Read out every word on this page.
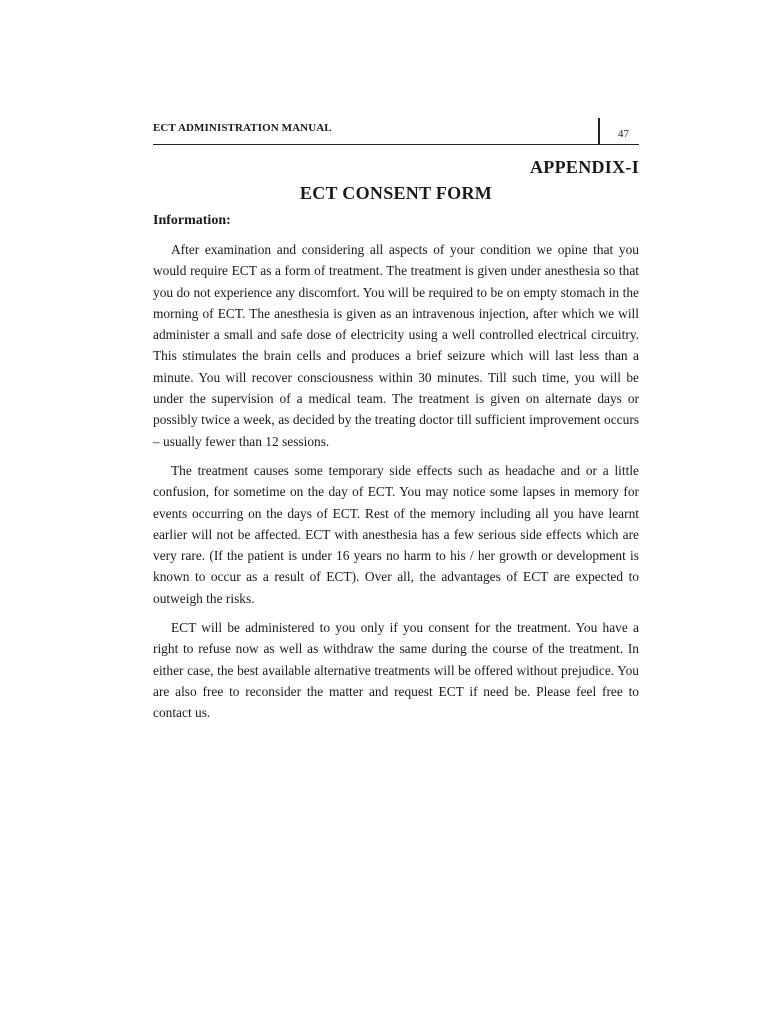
ECT ADMINISTRATION MANUAL	47
APPENDIX-I
ECT CONSENT FORM
Information:

After examination and considering all aspects of your condition we opine that you would require ECT as a form of treatment. The treatment is given under anesthesia so that you do not experience any discomfort. You will be required to be on empty stomach in the morning of ECT. The anesthesia is given as an intravenous injection, after which we will administer a small and safe dose of electricity using a well controlled electrical circuitry. This stimulates the brain cells and produces a brief seizure which will last less than a minute. You will recover consciousness within 30 minutes. Till such time, you will be under the supervision of a medical team. The treatment is given on alternate days or possibly twice a week, as decided by the treating doctor till sufficient improvement occurs – usually fewer than 12 sessions.

The treatment causes some temporary side effects such as headache and or a little confusion, for sometime on the day of ECT. You may notice some lapses in memory for events occurring on the days of ECT. Rest of the memory including all you have learnt earlier will not be affected. ECT with anesthesia has a few serious side effects which are very rare. (If the patient is under 16 years no harm to his / her growth or development is known to occur as a result of ECT). Over all, the advantages of ECT are expected to outweigh the risks.

ECT will be administered to you only if you consent for the treatment. You have a right to refuse now as well as withdraw the same during the course of the treatment. In either case, the best available alternative treatments will be offered without prejudice. You are also free to reconsider the matter and request ECT if need be. Please feel free to contact us.
